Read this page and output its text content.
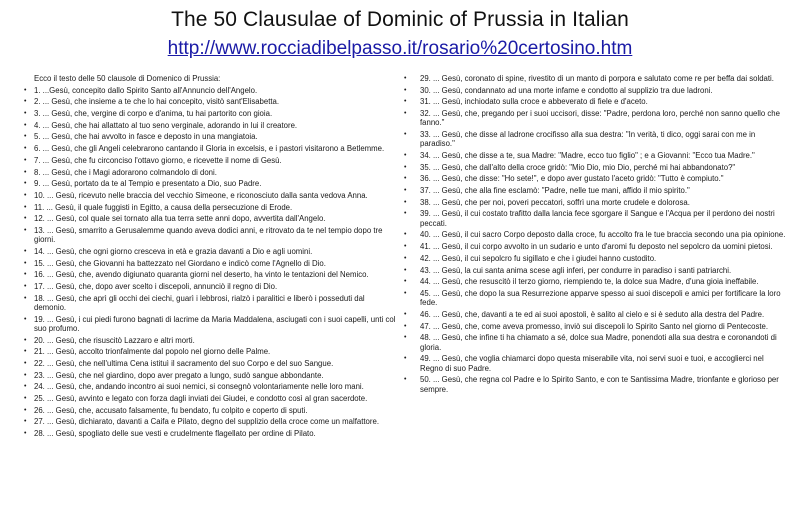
The 50 Clausulae of Dominic of Prussia in Italian
http://www.rocciadibelpasso.it/rosario%20certosino.htm

Ecco il testo delle 50 clausole di Domenico di Prussia:

• 1. ...Gesù, concepito dallo Spirito Santo all'Annuncio dell'Angelo.

• 2. ... Gesù, che insieme a te che lo hai concepito, visitò sant'Elisabetta.

• 3. ... Gesù, che, vergine di corpo e d'anima, tu hai partorito con gioia.

• 4. ... Gesù, che hai allattato al tuo seno verginale, adorando in lui il creatore.

• 5. ... Gesù, che hai avvolto in fasce e deposto in una mangiatoia.

• 6. ... Gesù, che gli Angeli celebrarono cantando il Gloria in excelsis, e i pastori visitarono a Betlemme.

• 7. ... Gesù, che fu circonciso l'ottavo giorno, e ricevette il nome di Gesù.

• 8. ... Gesù, che i Magi adorarono colmandolo di doni.

• 9. ... Gesù, portato da te al Tempio e presentato a Dio, suo Padre.

• 10. ... Gesù, ricevuto nelle braccia del vecchio Simeone, e riconosciuto dalla santa vedova Anna.

• 11. ... Gesù, il quale fuggisti in Egitto, a causa della persecuzione di Erode.

• 12. ... Gesù, col quale sei tornato alla tua terra sette anni dopo, avvertita dall'Angelo.

• 13. ... Gesù, smarrito a Gerusalemme quando aveva dodici anni, e ritrovato da te nel tempio dopo tre giorni.

• 14. ... Gesù, che ogni giorno cresceva in età e grazia davanti a Dio e agli uomini.

• 15. ... Gesù, che Giovanni ha battezzato nel Giordano e indicò come l'Agnello di Dio.

• 16. ... Gesù, che, avendo digiunato quaranta giorni nel deserto, ha vinto le tentazioni del Nemico.

• 17. ... Gesù, che, dopo aver scelto i discepoli, annunciò il regno di Dio.

• 18. ... Gesù, che aprì gli occhi dei ciechi, guarì i lebbrosi, rialzò i paralitici e liberò i posseduti dal demonio.

• 19. ... Gesù, i cui piedi furono bagnati di lacrime da Maria Maddalena, asciugati con i suoi capelli, unti col suo profumo.

• 20. ... Gesù, che risuscitò Lazzaro e altri morti.

• 21. ... Gesù, accolto trionfalmente dal popolo nel giorno delle Palme.

• 22. ... Gesù, che nell'ultima Cena istituì il sacramento del suo Corpo e del suo Sangue.

• 23. ... Gesù, che nel giardino, dopo aver pregato a lungo, sudò sangue abbondante.

• 24. ... Gesù, che, andando incontro ai suoi nemici, si consegnò volontariamente nelle loro mani.

• 25. ... Gesù, avvinto e legato con forza dagli inviati dei Giudei, e condotto così al gran sacerdote.

• 26. ... Gesù, che, accusato falsamente, fu bendato, fu colpito e coperto di sputi.

• 27. ... Gesù, dichiarato, davanti a Caifa e Pilato, degno del supplizio della croce come un malfattore.

• 28. ... Gesù, spogliato delle sue vesti e crudelmente flagellato per ordine di Pilato.

29. ... Gesù, coronato di spine, rivestito di un manto di porpora e salutato come re per beffa dai soldati.
•

30. ... Gesù, condannato ad una morte infame e condotto al supplizio tra due ladroni.
•

31. ... Gesù, inchiodato sulla croce e abbeverato di fiele e d'aceto.
•

32. ... Gesù, che, pregando per i suoi uccisori, disse: "Padre, perdona loro, perché non sanno quello che fanno."
•

33. ... Gesù, che disse al ladrone crocifisso alla sua destra: "In verità, ti dico, oggi sarai con me in paradiso."
•

34. ... Gesù, che disse a te, sua Madre: "Madre, ecco tuo figlio" ; e a Giovanni: "Ecco tua Madre."
•

35. ... Gesù, che dall'alto della croce gridò: "Mio Dio, mio Dio, perché mi hai abbandonato?"
•

36. ... Gesù, che disse: "Ho sete!", e dopo aver gustato l'aceto gridò: "Tutto è compiuto."
•

37. ... Gesù, che alla fine esclamò: "Padre, nelle tue mani, affido il mio spirito."
•

38. ... Gesù, che per noi, poveri peccatori, soffrì una morte crudele e dolorosa.
•

39. ... Gesù, il cui costato trafitto dalla lancia fece sgorgare il Sangue e l'Acqua per il perdono dei nostri peccati.
•

40. ... Gesù, il cui sacro Corpo deposto dalla croce, fu accolto fra le tue braccia secondo una pia opinione.
•

41. ... Gesù, il cui corpo avvolto in un sudario e unto d'aromi fu deposto nel sepolcro da uomini pietosi.
•

42. ... Gesù, il cui sepolcro fu sigillato e che i giudei hanno custodito.
•

43. ... Gesù, la cui santa anima scese agli inferi, per condurre in paradiso i santi patriarchi.
•

44. ... Gesù, che resuscitò il terzo giorno, riempiendo te, la dolce sua Madre, d'una gioia ineffabile.
•

45. ... Gesù, che dopo la sua Resurrezione apparve spesso ai suoi discepoli e amici per fortificare la loro fede.
•

46. ... Gesù, che, davanti a te ed ai suoi apostoli, è salito al cielo e si è seduto alla destra del Padre.
•

47. ... Gesù, che, come aveva promesso, inviò sui discepoli lo Spirito Santo nel giorno di Pentecoste.
•

48. ... Gesù, che infine ti ha chiamato a sé, dolce sua Madre, ponendoti alla sua destra e coronandoti di gloria.
•

49. ... Gesù, che voglia chiamarci dopo questa miserabile vita, noi servi suoi e tuoi, e accoglierci nel Regno di suo Padre.
•

50. ... Gesù, che regna col Padre e lo Spirito Santo, e con te Santissima Madre, trionfante e glorioso per sempre.
•
